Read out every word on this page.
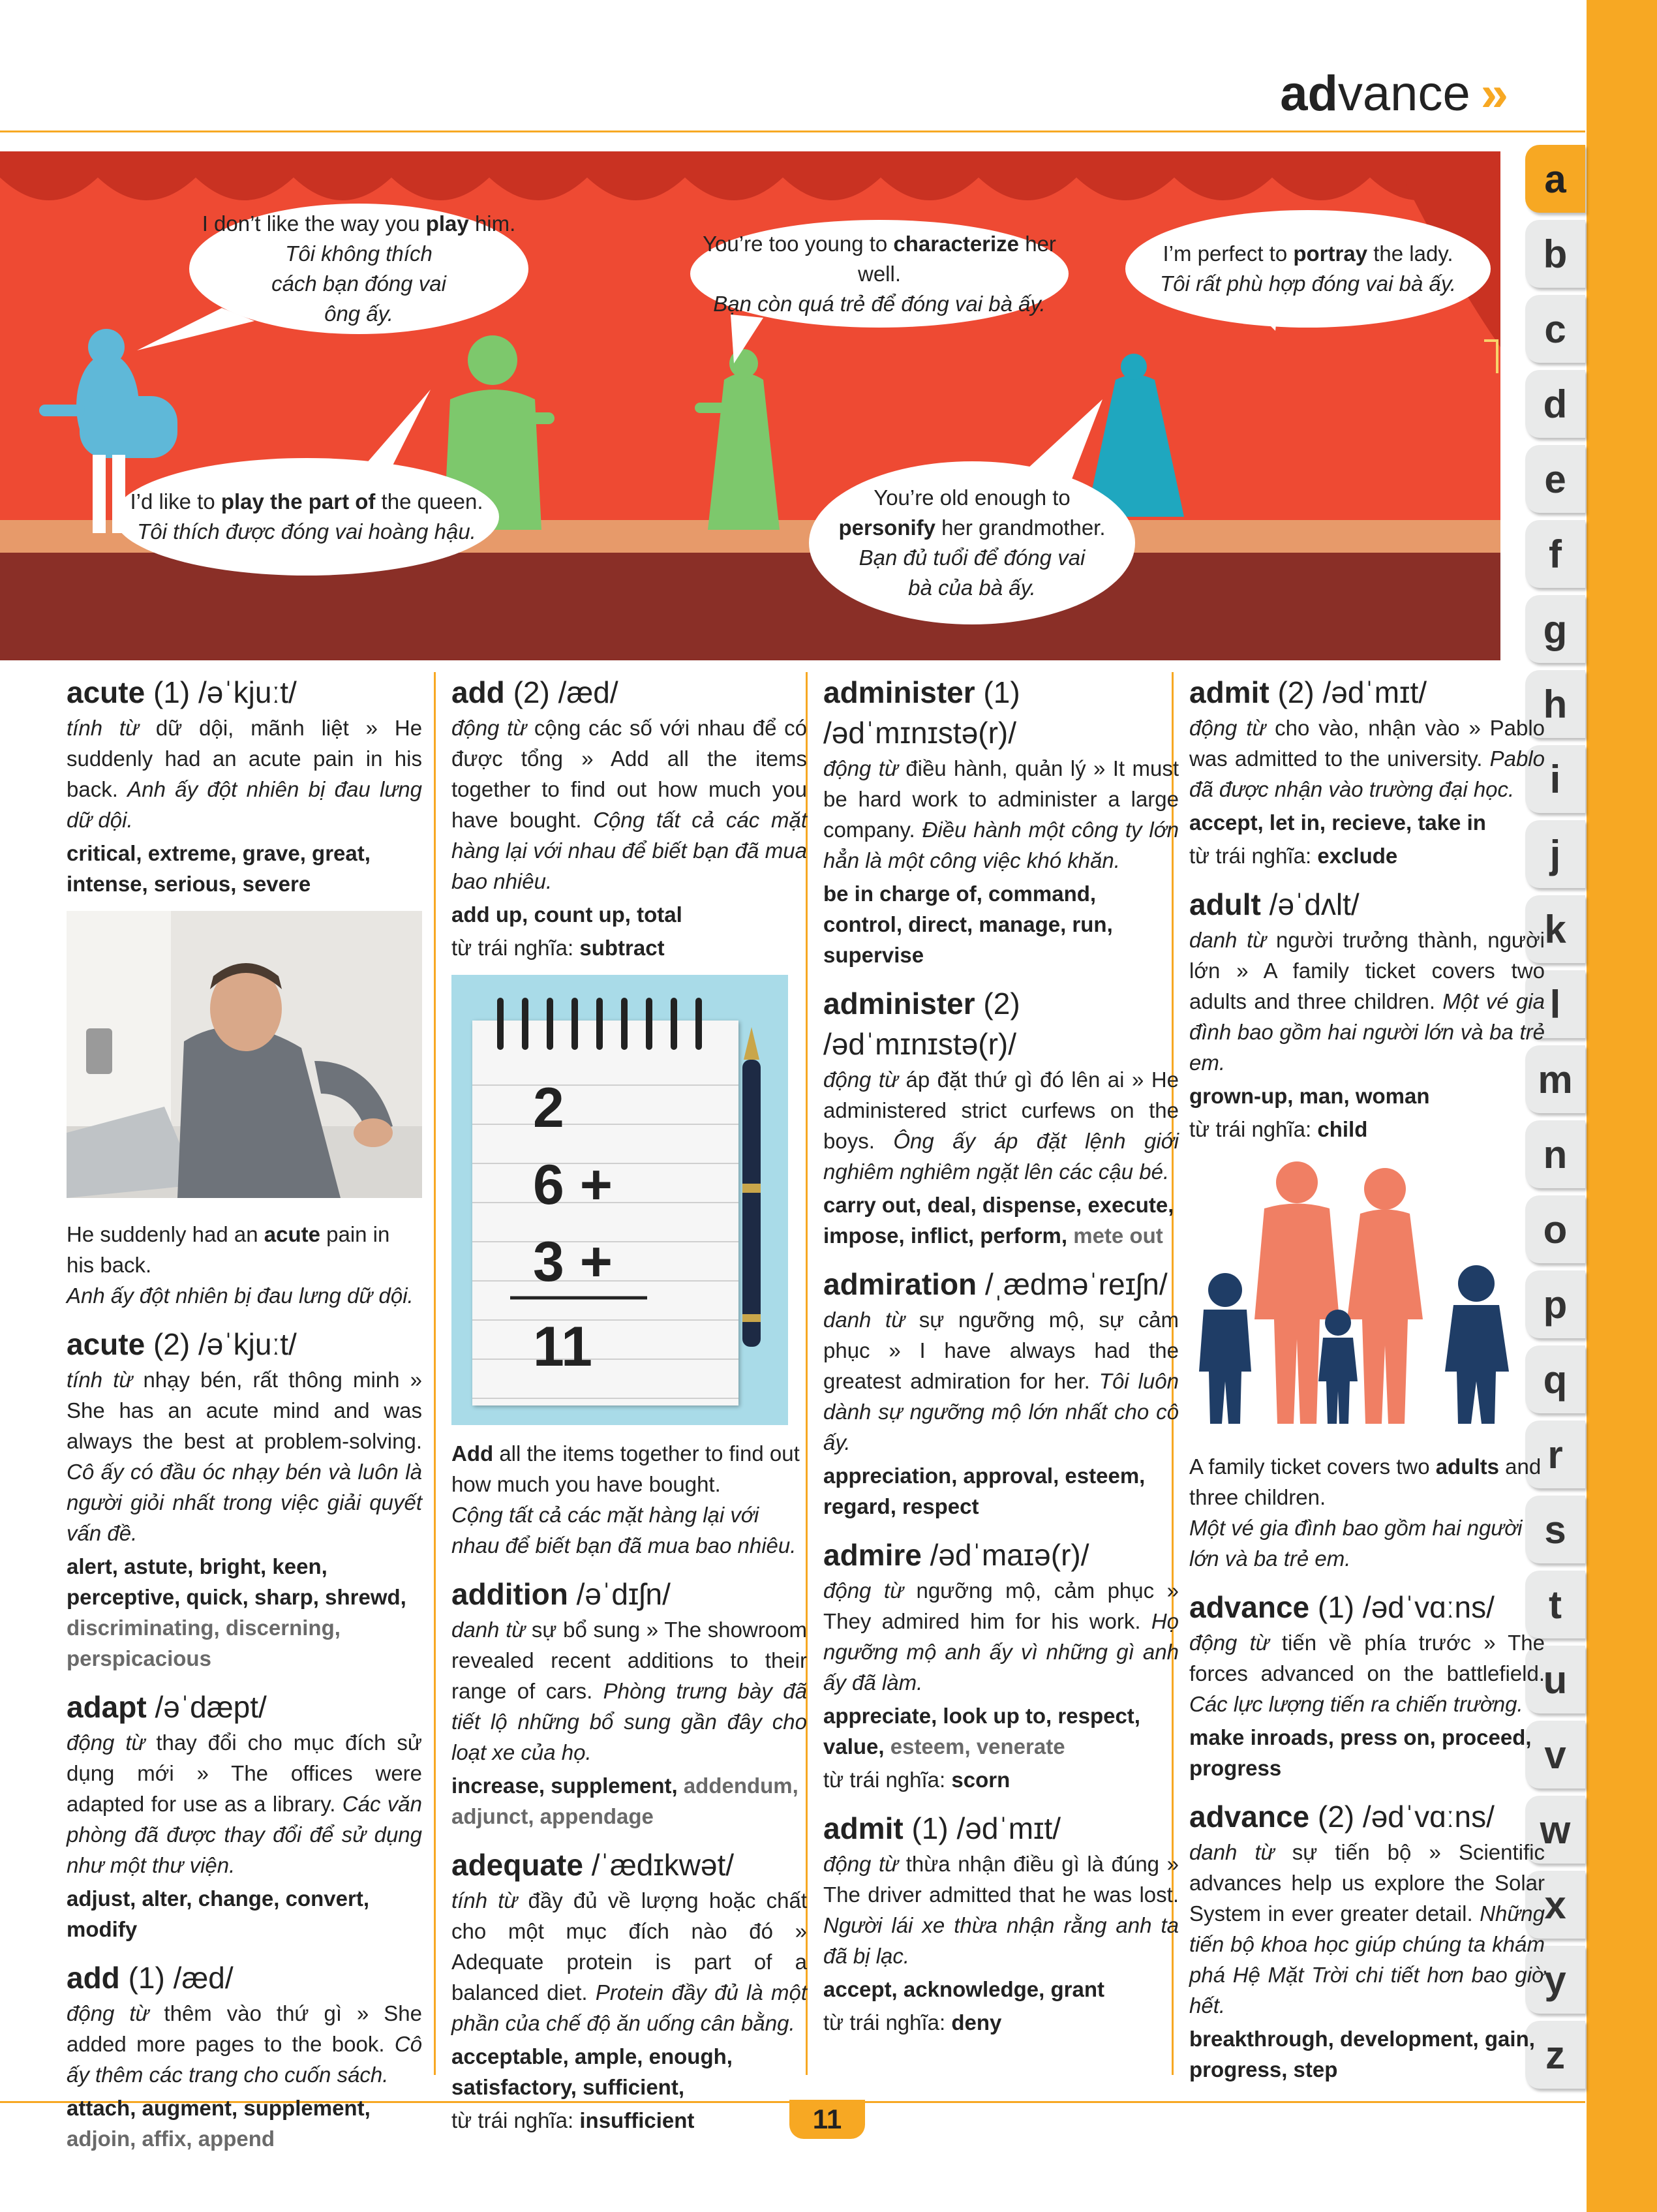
advance »
a
b
c
d
e
f
g
h
i
j
k
l
m
n
o
p
q
r
s
t
u
v
w
x
y
z
I don’t like the way you play him.
Tôi không thích cách bạn đóng vai ông ấy.
You’re too young to characterize her well.
Bạn còn quá trẻ để đóng vai bà ấy.
I’m perfect to portray the lady.
Tôi rất phù hợp đóng vai bà ấy.
I’d like to play the part of the queen.
Tôi thích được đóng vai hoàng hậu.
You’re old enough to
personify her grandmother.
Bạn đủ tuổi để đóng vai bà của bà ấy.
acute (1) /əˈkjuːt/

tính từ dữ dội, mãnh liệt » He suddenly had an acute pain in his back. Anh ấy đột nhiên bị đau lưng dữ dội.

critical, extreme, grave, great, intense, serious, severe

He suddenly had an acute pain in his back.
Anh ấy đột nhiên bị đau lưng dữ dội.

acute (2) /əˈkjuːt/

tính từ nhạy bén, rất thông minh » She has an acute mind and was always the best at problem-solving. Cô ấy có đầu óc nhạy bén và luôn là người giỏi nhất trong việc giải quyết vấn đề.

alert, astute, bright, keen, perceptive, quick, sharp, shrewd, discriminating, discerning, perspicacious

adapt /əˈdæpt/

động từ thay đổi cho mục đích sử dụng mới » The offices were adapted for use as a library. Các văn phòng đã được thay đổi để sử dụng như một thư viện.

adjust, alter, change, convert, modify

add (1) /æd/

động từ thêm vào thứ gì » She added more pages to the book. Cô ấy thêm các trang cho cuốn sách.

attach, augment, supplement, adjoin, affix, append

add (2) /æd/

động từ cộng các số với nhau để có được tổng » Add all the items together to find out how much you have bought. Cộng tất cả các mặt hàng lại với nhau để biết bạn đã mua bao nhiêu.

add up, count up, total

từ trái nghĩa: subtract

2
6 +
3 +
11

Add all the items together to find out how much you have bought.
Cộng tất cả các mặt hàng lại với nhau để biết bạn đã mua bao nhiêu.

addition /əˈdɪʃn/

danh từ sự bổ sung » The showroom revealed recent additions to their range of cars. Phòng trưng bày đã tiết lộ những bổ sung gần đây cho loạt xe của họ.

increase, supplement, addendum, adjunct, appendage

adequate /ˈædɪkwət/

tính từ đầy đủ về lượng hoặc chất cho một mục đích nào đó » Adequate protein is part of a balanced diet. Protein đầy đủ là một phần của chế độ ăn uống cân bằng.

acceptable, ample, enough, satisfactory, sufficient,

từ trái nghĩa: insufficient

administer (1)
/ədˈmɪnɪstə(r)/

động từ điều hành, quản lý » It must be hard work to administer a large company. Điều hành một công ty lớn hẳn là một công việc khó khăn.

be in charge of, command, control, direct, manage, run, supervise

administer (2)
/ədˈmɪnɪstə(r)/

động từ áp đặt thứ gì đó lên ai » He administered strict curfews on the boys. Ông ấy áp đặt lệnh giới nghiêm nghiêm ngặt lên các cậu bé.

carry out, deal, dispense, execute, impose, inflict, perform, mete out

admiration /ˌædməˈreɪʃn/

danh từ sự ngưỡng mộ, sự cảm phục » I have always had the greatest admiration for her. Tôi luôn dành sự ngưỡng mộ lớn nhất cho cô ấy.

appreciation, approval, esteem, regard, respect

admire /ədˈmaɪə(r)/

động từ ngưỡng mộ, cảm phục » They admired him for his work. Họ ngưỡng mộ anh ấy vì những gì anh ấy đã làm.

appreciate, look up to, respect, value, esteem, venerate

từ trái nghĩa: scorn

admit (1) /ədˈmɪt/

động từ thừa nhận điều gì là đúng » The driver admitted that he was lost. Người lái xe thừa nhận rằng anh ta đã bị lạc.

accept, acknowledge, grant

từ trái nghĩa: deny

admit (2) /ədˈmɪt/

động từ cho vào, nhận vào » Pablo was admitted to the university. Pablo đã được nhận vào trường đại học.

accept, let in, recieve, take in

từ trái nghĩa: exclude

adult /əˈdʌlt/

danh từ người trưởng thành, người lớn » A family ticket covers two adults and three children. Một vé gia đình bao gồm hai người lớn và ba trẻ em.

grown-up, man, woman

từ trái nghĩa: child

A family ticket covers two adults and three children.
Một vé gia đình bao gồm hai người lớn và ba trẻ em.

advance (1) /ədˈvɑːns/

động từ tiến về phía trước » The forces advanced on the battlefield. Các lực lượng tiến ra chiến trường.

make inroads, press on, proceed, progress

advance (2) /ədˈvɑːns/

danh từ sự tiến bộ » Scientific advances help us explore the Solar System in ever greater detail. Những tiến bộ khoa học giúp chúng ta khám phá Hệ Mặt Trời chi tiết hơn bao giờ hết.

breakthrough, development, gain, progress, step

11
